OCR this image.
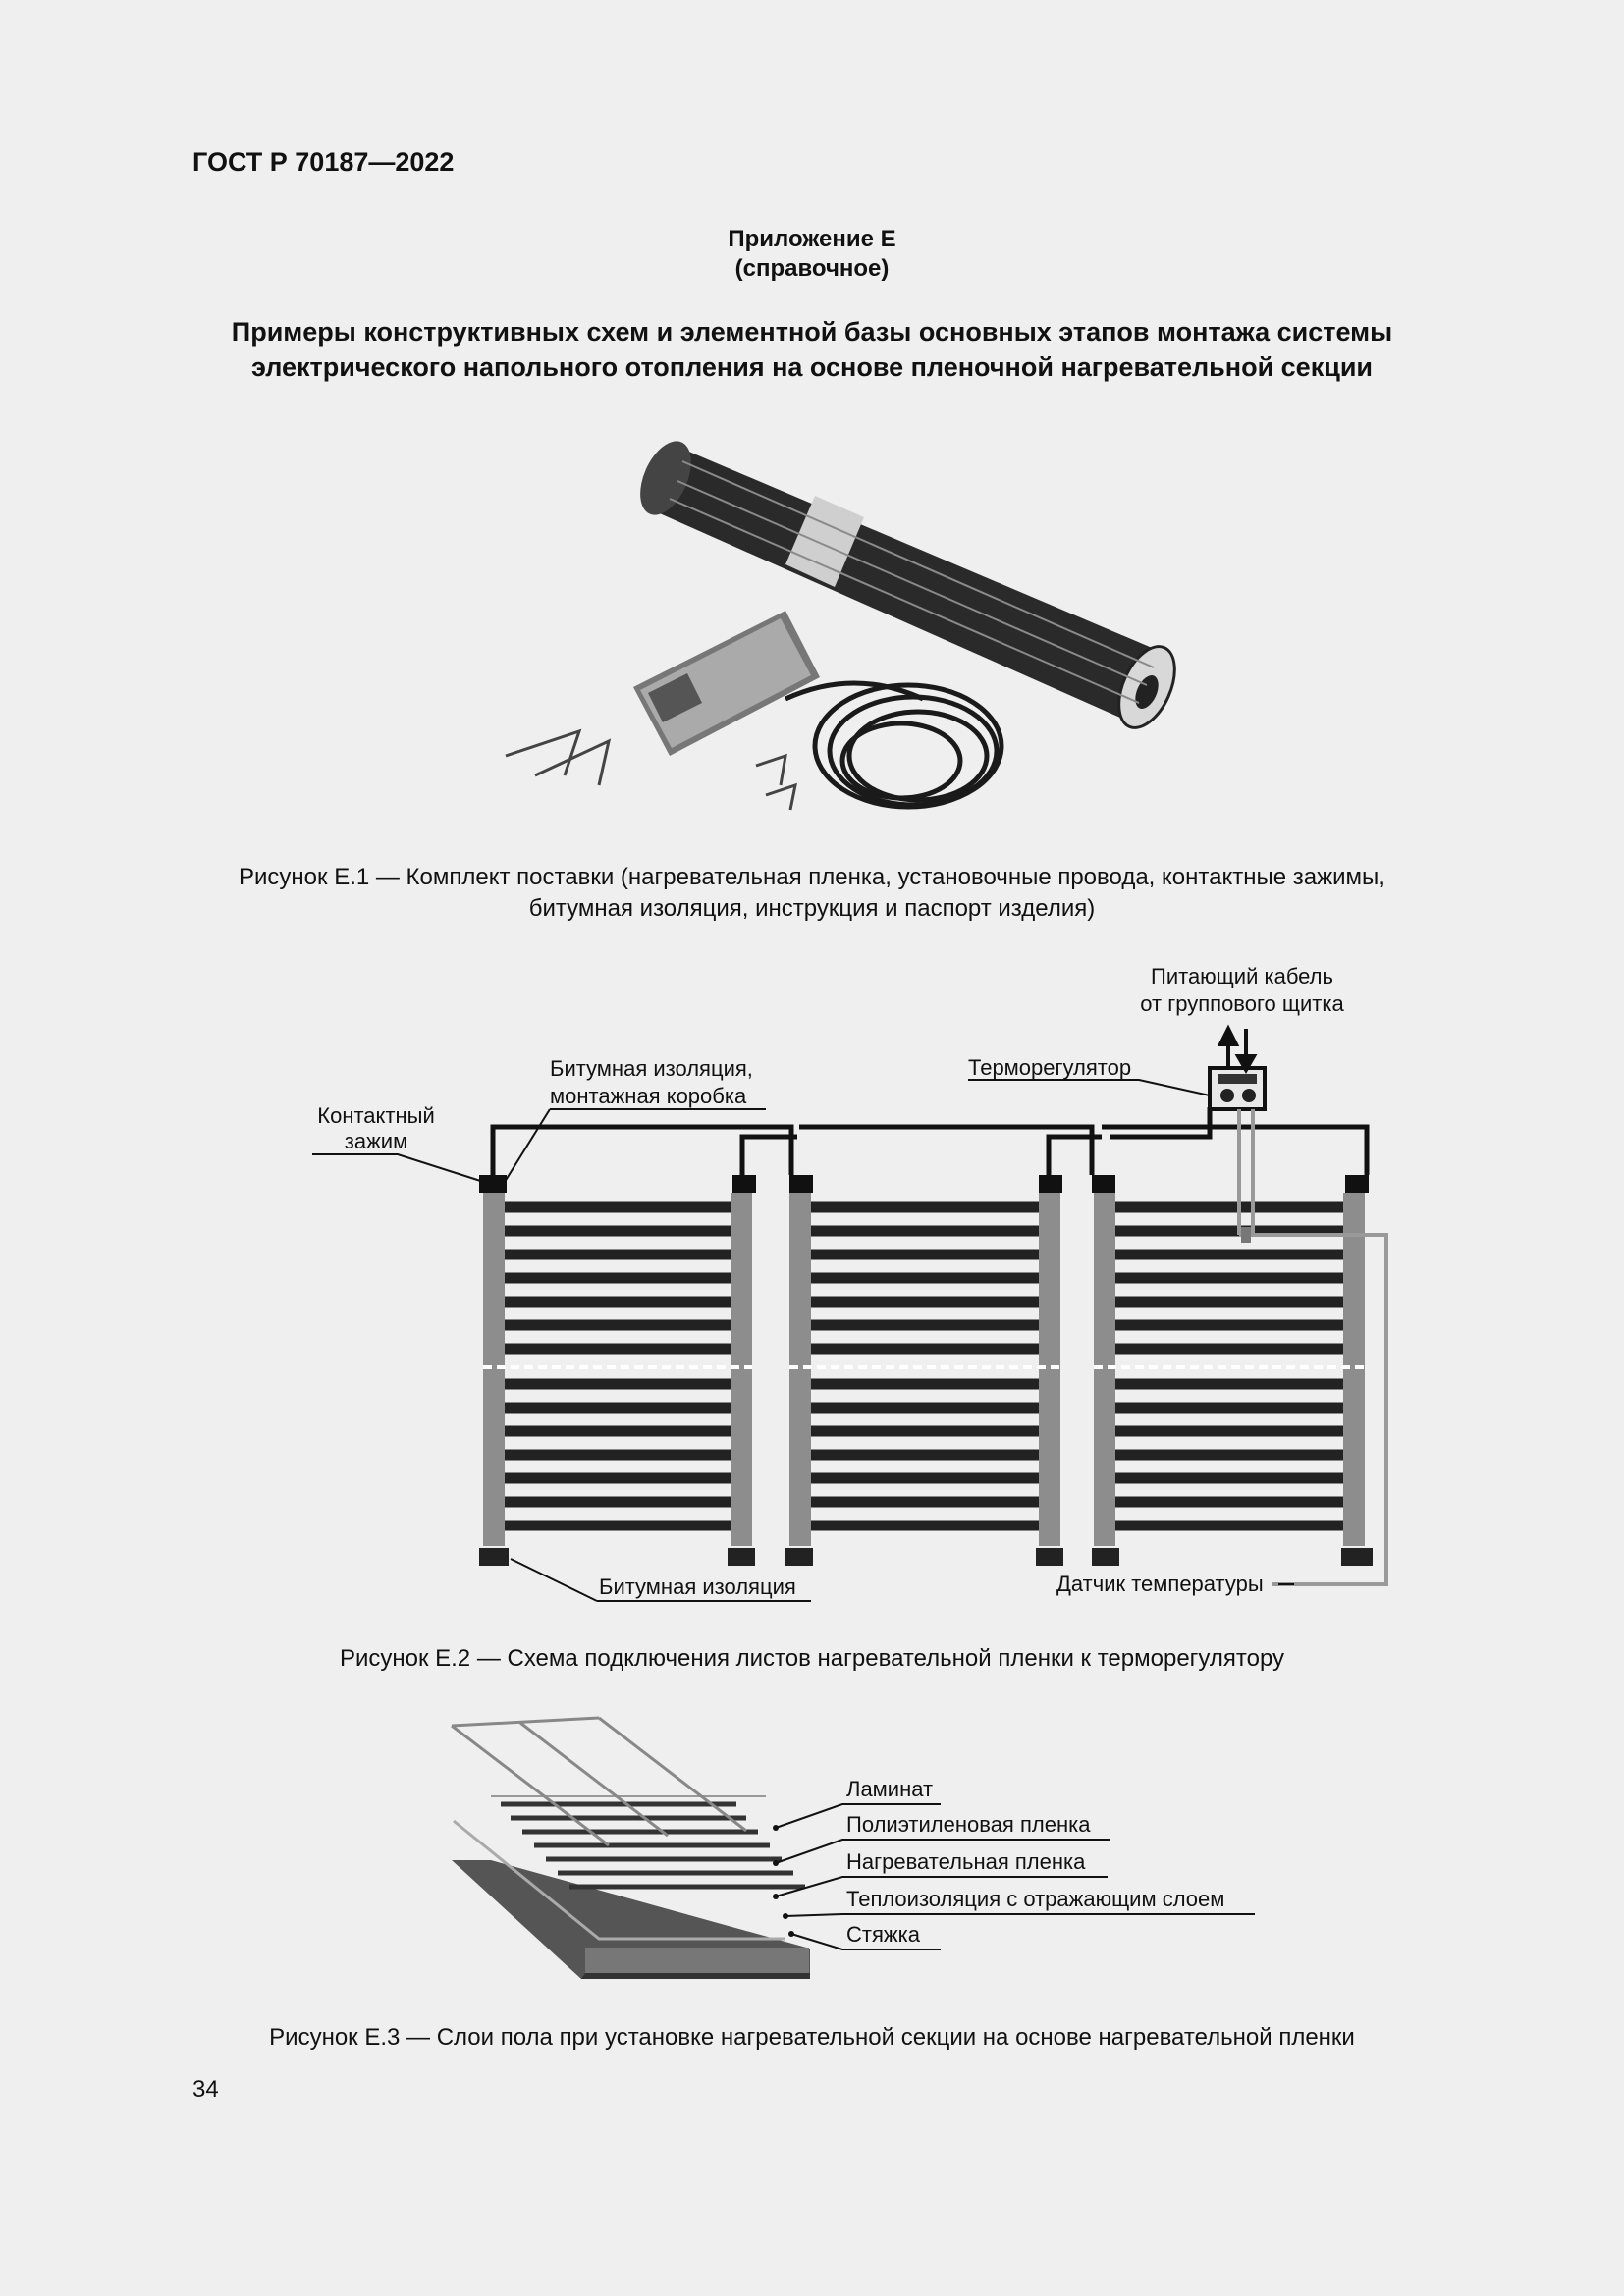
ГОСТ Р 70187—2022
Приложение Е
(справочное)
Примеры конструктивных схем и элементной базы основных этапов монтажа системы
электрического напольного отопления на основе пленочной нагревательной секции
Рисунок Е.1 — Комплект поставки (нагревательная пленка, установочные провода, контактные зажимы,
битумная изоляция, инструкция и паспорт изделия)
Питающий кабель
от группового щитка
Терморегулятор
Битумная изоляция,
монтажная коробка
Контактный
зажим
Битумная изоляция	Датчик температуры
Рисунок Е.2 — Схема подключения листов нагревательной пленки к терморегулятору
Ламинат
Полиэтиленовая пленка
Нагревательная пленка
Теплоизоляция с отражающим слоем
Стяжка
Рисунок Е.3 — Слои пола при установке нагревательной секции на основе нагревательной пленки
34
